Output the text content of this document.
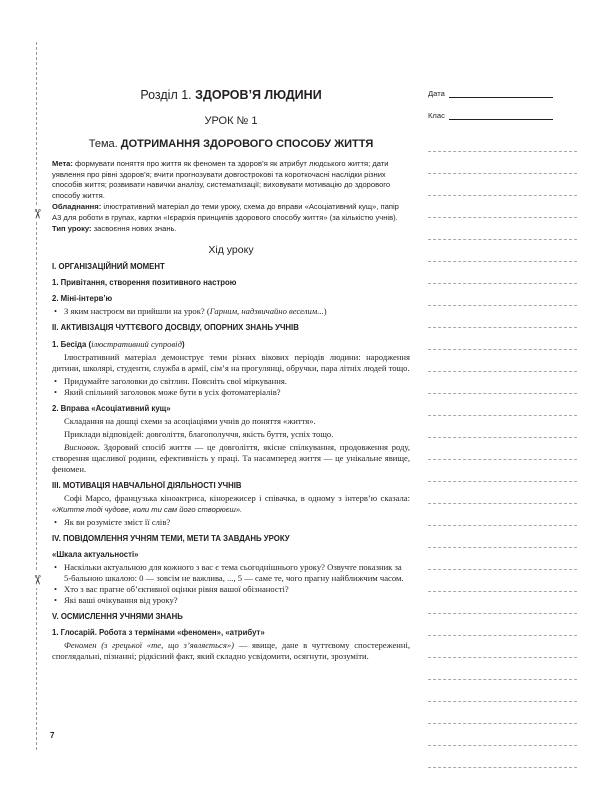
✂
✂
Розділ 1. ЗДОРОВ’Я ЛЮДИНИ
УРОК № 1
Тема. ДОТРИМАННЯ ЗДОРОВОГО СПОСОБУ ЖИТТЯ

Мета: формувати поняття про життя як феномен та здоров’я як атрибут людського життя; дати уявлення про рівні здоров’я; вчити прогнозувати довгострокові та короткочасні наслідки різних способів життя; розвивати навички аналізу, систематизації; виховувати мотивацію до здорового способу життя.

Обладнання: ілюстративний матеріал до теми уроку, схема до вправи «Асоціативний кущ», папір А3 для роботи в групах, картки «Ієрархія принципів здорового способу життя» (за кількістю учнів).

Тип уроку: засвоєння нових знань.

Хід уроку
I. ОРГАНІЗАЦІЙНИЙ МОМЕНТ
1. Привітання, створення позитивного настрою
2. Міні-інтерв’ю
• З яким настроєм ви прийшли на урок? (Гарним, надзвичайно веселим...)
II. АКТИВІЗАЦІЯ ЧУТТЄВОГО ДОСВІДУ, ОПОРНИХ ЗНАНЬ УЧНІВ
1. Бесіда (ілюстративний супровід)

Ілюстративний матеріал демонструє теми різних вікових періодів людини: народження дитини, школярі, студенти, служба в армії, сім’я на прогулянці, обручки, пара літніх людей тощо.

• Придумайте заголовки до світлин. Поясніть свої міркування.
• Який спільний заголовок може бути в усіх фотоматеріалів?
2. Вправа «Асоціативний кущ»

Складання на дошці схеми за асоціаціями учнів до поняття «життя».

Приклади відповідей: довголіття, благополуччя, якість буття, успіх тощо.

Висновок. Здоровий спосіб життя — це довголіття, якісне спілкування, продовження роду, створення щасливої родини, ефективність у праці. Та насамперед життя — це унікальне явище, феномен.

III. МОТИВАЦІЯ НАВЧАЛЬНОЇ ДІЯЛЬНОСТІ УЧНІВ

Софі Марсо, французька кіноактриса, кінорежисер і співачка, в одному з інтерв’ю сказала: «Життя тоді чудове, коли ти сам його створюєш».

• Як ви розумієте зміст її слів?
IV. ПОВІДОМЛЕННЯ УЧНЯМ ТЕМИ, МЕТИ ТА ЗАВДАНЬ УРОКУ
«Шкала актуальності»
• Наскільки актуальною для кожного з вас є тема сьогоднішнього уроку? Озвучте показник за 5-бальною шкалою: 0 — зовсім не важлива, ..., 5 — саме те, чого прагну найближчим часом.
• Хто з вас прагне об’єктивної оцінки рівня вашої обізнаності?
• Які ваші очікування від уроку?
V. ОСМИСЛЕННЯ УЧНЯМИ ЗНАНЬ
1. Глосарій. Робота з термінами «феномен», «атрибут»

Феномен (з грецької «те, що з’являється») — явище, дане в чуттєвому спостереженні, споглядальні, пізнанні; рідкісний факт, який складно усвідомити, осягнути, зрозуміти.

Дата
Клас
7
